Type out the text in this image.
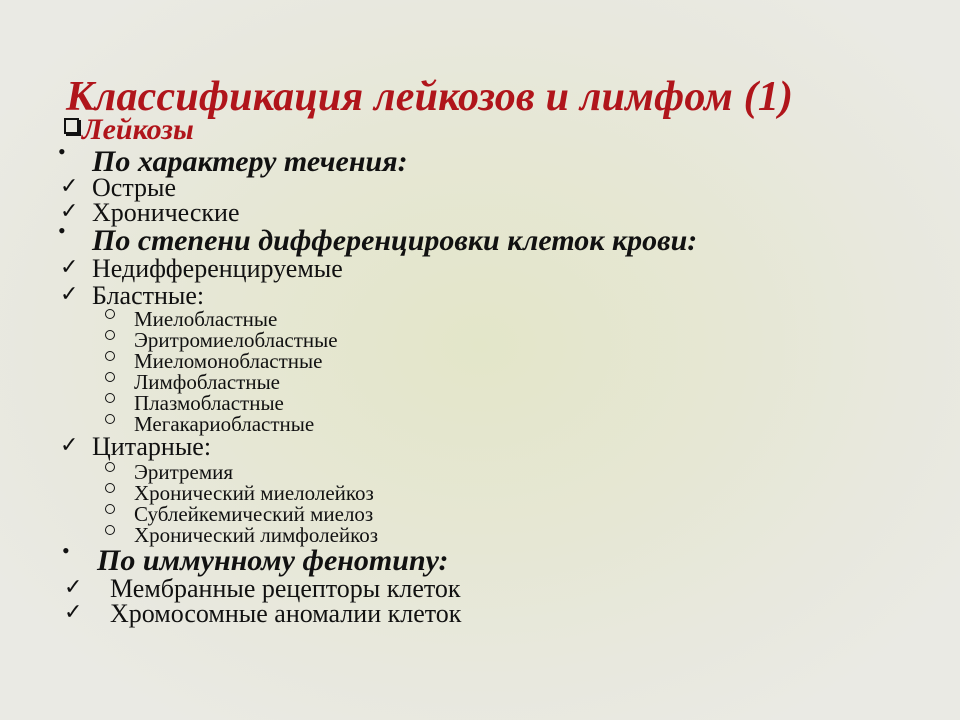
Классификация лейкозов и лимфом (1)
Лейкозы
• По характеру течения:
✓ Острые
✓ Хронические
• По степени дифференцировки клеток крови:
✓ Недифференцируемые
✓ Бластные:
Миелобластные
Эритромиелобластные
Миеломонобластные
Лимфобластные
Плазмобластные
Мегакариобластные
✓ Цитарные:
Эритремия
Хронический миелолейкоз
Сублейкемический миелоз
Хронический лимфолейкоз
• По иммунному фенотипу:
✓ Мембранные рецепторы клеток
✓ Хромосомные аномалии клеток
